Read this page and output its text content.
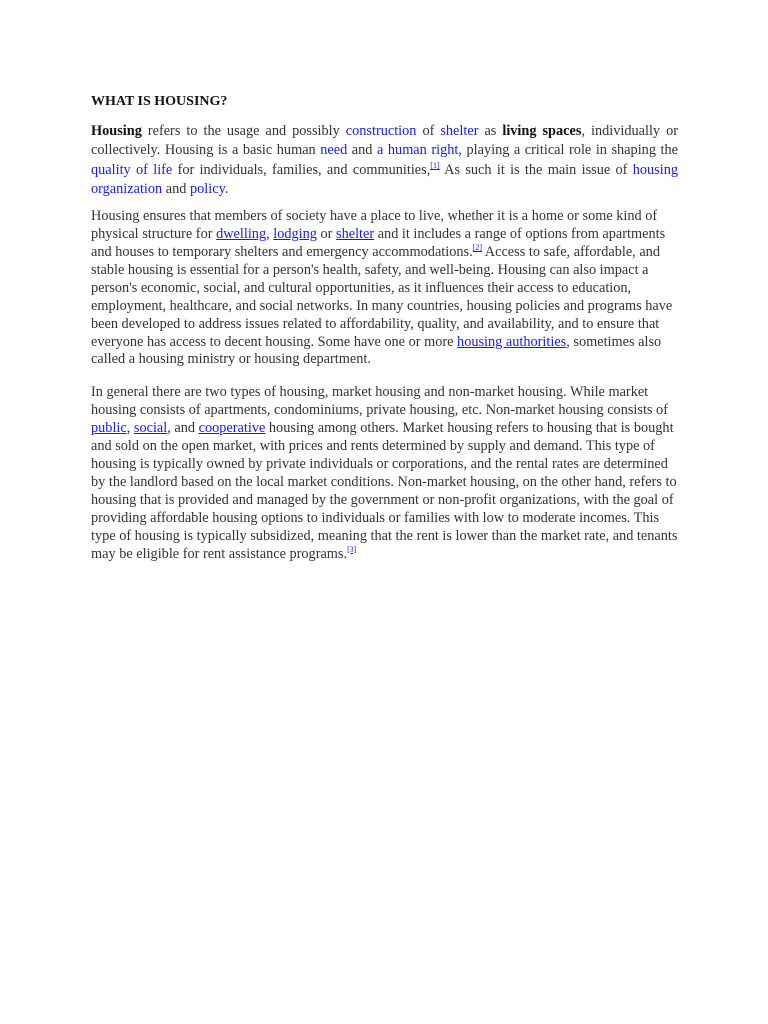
WHAT IS HOUSING?

Housing refers to the usage and possibly construction of shelter as living spaces, individually or collectively. Housing is a basic human need and a human right, playing a critical role in shaping the quality of life for individuals, families, and communities,[1] As such it is the main issue of housing organization and policy.

Housing ensures that members of society have a place to live, whether it is a home or some kind of physical structure for dwelling, lodging or shelter and it includes a range of options from apartments and houses to temporary shelters and emergency accommodations.[2] Access to safe, affordable, and stable housing is essential for a person's health, safety, and well-being. Housing can also impact a person's economic, social, and cultural opportunities, as it influences their access to education, employment, healthcare, and social networks. In many countries, housing policies and programs have been developed to address issues related to affordability, quality, and availability, and to ensure that everyone has access to decent housing. Some have one or more housing authorities, sometimes also called a housing ministry or housing department.

In general there are two types of housing, market housing and non-market housing. While market housing consists of apartments, condominiums, private housing, etc. Non-market housing consists of public, social, and cooperative housing among others. Market housing refers to housing that is bought and sold on the open market, with prices and rents determined by supply and demand. This type of housing is typically owned by private individuals or corporations, and the rental rates are determined by the landlord based on the local market conditions. Non-market housing, on the other hand, refers to housing that is provided and managed by the government or non-profit organizations, with the goal of providing affordable housing options to individuals or families with low to moderate incomes. This type of housing is typically subsidized, meaning that the rent is lower than the market rate, and tenants may be eligible for rent assistance programs.[3]
